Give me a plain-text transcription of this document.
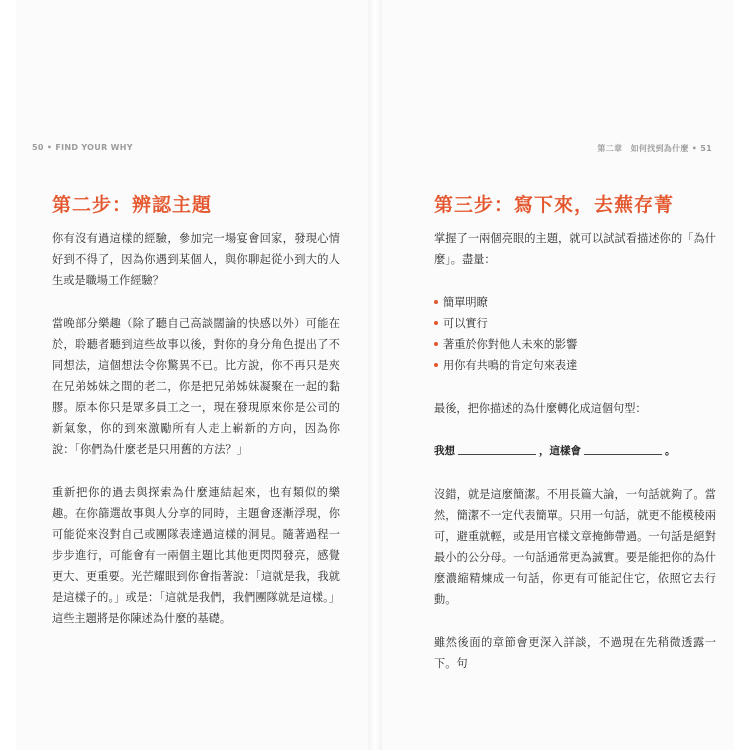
50 • FIND YOUR WHY
第二步：辨認主題

你有沒有過這樣的經驗，參加完一場宴會回家，發現心情好到不得了，因為你遇到某個人，與你聊起從小到大的人生或是職場工作經驗？

當晚部分樂趣（除了聽自己高談闊論的快感以外）可能在於，聆聽者聽到這些故事以後，對你的身分角色提出了不同想法，這個想法令你驚異不已。比方說，你不再只是夾在兄弟姊妹之間的老二，你是把兄弟姊妹凝聚在一起的黏膠。原本你只是眾多員工之一，現在發現原來你是公司的新氣象，你的到來激勵所有人走上嶄新的方向，因為你說：「你們為什麼老是只用舊的方法？」

重新把你的過去與探索為什麼連結起來，也有類似的樂趣。在你篩選故事與人分享的同時，主題會逐漸浮現，你可能從來沒對自己或團隊表達過這樣的洞見。隨著過程一步步進行，可能會有一兩個主題比其他更閃閃發亮，感覺更大、更重要。光芒耀眼到你會指著說：「這就是我，我就是這樣子的。」或是：「這就是我們，我們團隊就是這樣。」這些主題將是你陳述為什麼的基礎。

第二章　如何找到為什麼 • 51
第三步：寫下來，去蕪存菁

掌握了一兩個亮眼的主題，就可以試試看描述你的「為什麼」。盡量：

簡單明瞭
可以實行
著重於你對他人未來的影響
用你有共鳴的肯定句來表達

最後，把你描述的為什麼轉化成這個句型：

我想	，這樣會	。

沒錯，就是這麼簡潔。不用長篇大論，一句話就夠了。當然，簡潔不一定代表簡單。只用一句話，就更不能模稜兩可，避重就輕，或是用官樣文章掩飾帶過。一句話是絕對最小的公分母。一句話通常更為誠實。要是能把你的為什麼濃縮精煉成一句話，你更有可能記住它，依照它去行動。

雖然後面的章節會更深入詳談，不過現在先稍微透露一下。句
